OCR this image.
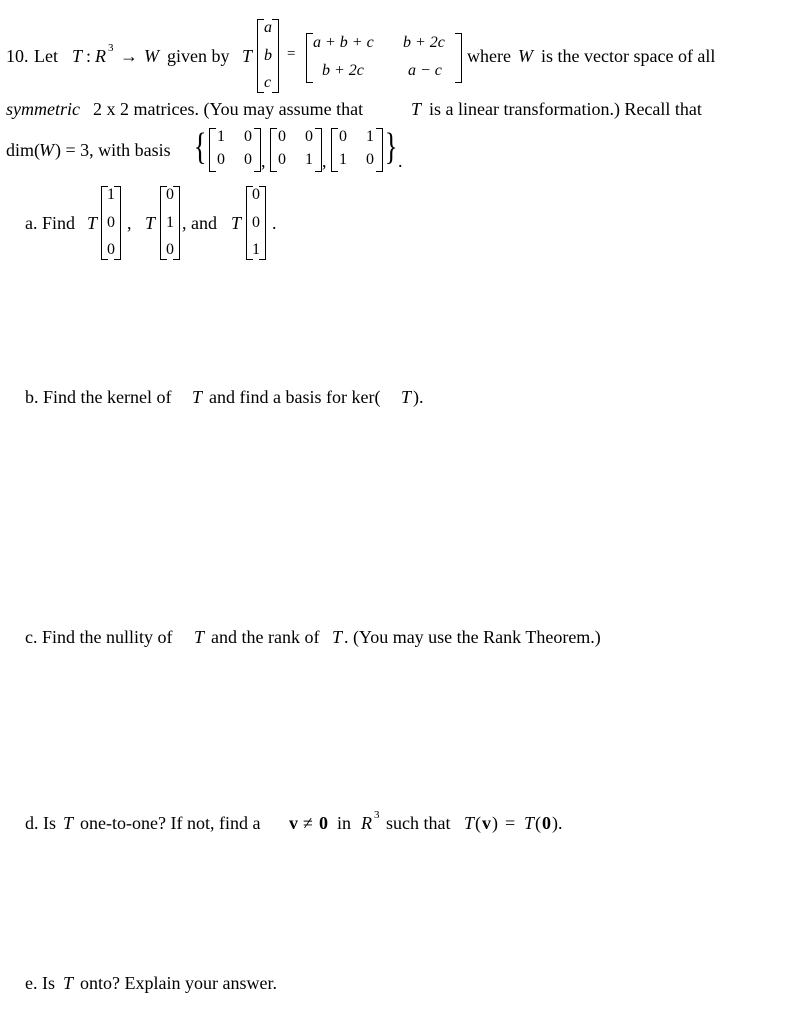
10. Let T : R 3 → W given by T
a
b
c
=
a + b + c b + 2c
b + 2c	a − c
where W is the vector space of all
symmetric 2 x 2 matrices. (You may assume that	T is a linear transformation.) Recall that
dim( W ) = 3, with basis { 1 0
0 0 ,
0 0
0 1 ,
0 1
1 0 } .
a. Find T
1
0
0
, T
0
1
0
, and T
0
0
1
.
b. Find the kernel of T and find a basis for ker( T ).
c. Find the nullity of T and the rank of T . (You may use the Rank Theorem.)
d. Is T one-to-one? If not, find a v ≠ 0 in R 3 such that T ( v ) = T ( 0 ).
e. Is T onto? Explain your answer.
